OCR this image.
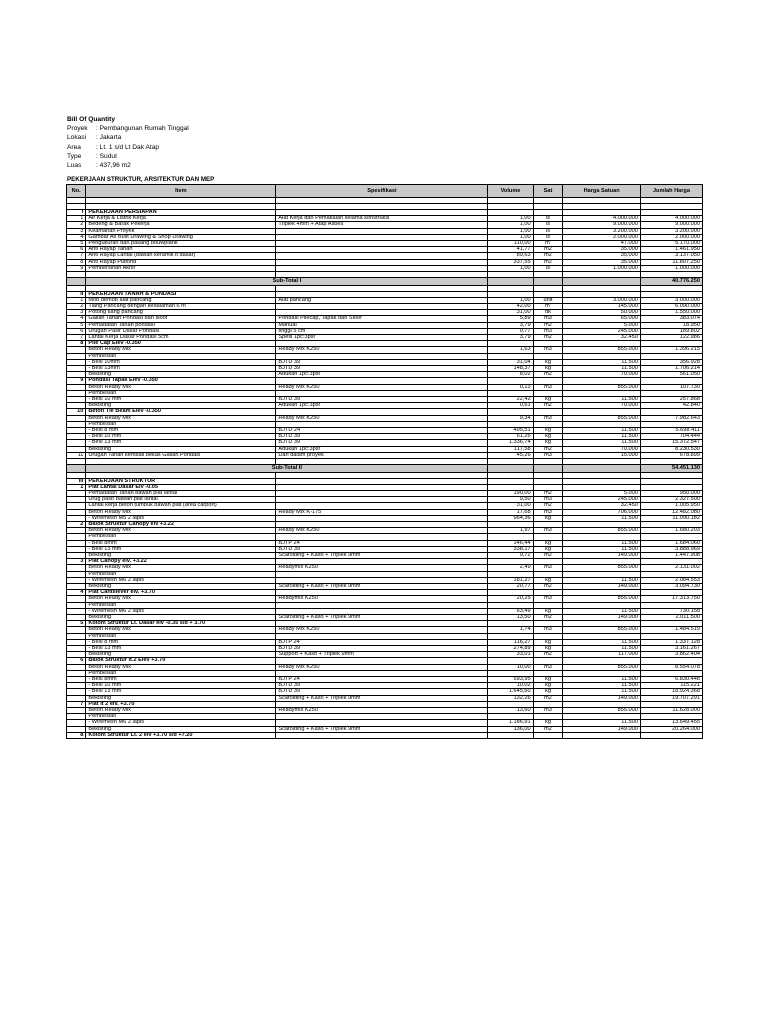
Bill Of Quantity
Proyek : Pembangunan Rumah Tinggal
Lokasi : Jakarta
Area : Lt. 1 s/d Lt Dak Atap
Type : Sudut
Luas : 437,96 m2
PEKERJAAN STRUKTUR, ARSITEKTUR DAN MEP
No.	Item	Spesifikasi	Volume	Sat	Harga Satuan	Jumlah Harga

I	PEKERJAAN PERSIAPAN					
1	Air Kerja & Listrik Kerja	Alat Kerja dan Pemakaian selama konstruksi	1,00	ls	4.000.000	4.000.000
2	Bedeng & Barak Pekerja	Triplek 4mm + Atap Asbes	1,00	ls	9.000.000	9.000.000
3	Keamanan Proyek		1,00	ls	3.200.000	3.200.000
4	Gambar As Built Drawing & Shop Drawing		1,00	ls	2.000.000	2.000.000
5	Pengukuran dan pasang bouwplank		110,00	m'	47.000	5.170.000
6	Anti Rayap Tanah		41,77	m2	35.000	1.461.950
7	Anti Rayap Lantai (bawah keramik lt dasar)		89,63	m2	35.000	3.137.050
8	Anti Rayap Plafond		337,55	m2	35.000	11.807.250
9	Pembersihan Akhir		1,00	ls	1.000.000	1.000.000

	Sub-Total I					40.776.250

II	PEKERJAAN TANAH & PONDASI					
1	Mob demob alat pancang	Alat pancang	1,00	unit	3.000.000	3.000.000
2	Tiang Pancang dengan kedalaman 6 m		42,00	m'	145.000	6.090.000
3	Potong tiang pancang		31,00	ttk	50.000	1.550.000
4	Galian Tanah Pondasi dan sloof	Pondasi Pilecap, Tapak dan Sloof	5,89	m3	65.000	383.074
5	Pemadatan Tanah pondasi	Manual	3,79	m2	5.000	18.950
6	Urugan Pasir Dasar Pondasi	tinggi 5 cm	0,77	m3	245.000	189.802
7	Lantai Kerja Dasar Pondasi 5cm	Spesi 1pc:3psr	3,79	m2	32.450	122.986
8	Pile Cap Elev -0.350					
	Beton Ready Mix	Ready Mix K250	1,63	m3	855.000	1.396.215
	Pembesian					
	- Besi 10mm	BJTD 39	31,04	kg	11.500	356.928
	- Besi 13mm	BJTD 39	148,37	kg	11.500	1.706.214
	Bekisting	Adukan 1pc:3psr	8,02	m2	70.000	561.050
9	Pondasi Tapak Elev -0.350					
	Beton Ready Mix	Ready Mix K250	0,13	m3	855.000	107.730
	Pembesian					
	- Besi 10 mm	BJTD 39	22,42	kg	11.500	257.868
	Bekisting	Adukan 1pc:3psr	0,61	m2	70.000	42.840
10	Beton Tie Beam Elev -0.350					
	Beton Ready Mix	Ready Mix K250	9,34	m3	855.000	7.982.643
	Pembesian					
	- Besi 8 mm	BJTD 24	495,51	kg	11.500	5.698.411
	- Besi 10 mm	BJTD 39	61,26	kg	11.500	704.444
	- Besi 13 mm	BJTD 39	1.336,74	kg	11.500	15.372.547
	Bekisting	Adukan 1pc:3psr	117,58	m2	70.000	8.230.530
11	Urugan Tanah kembali bekas Galian Pondasi	Dari dalam proyek	45,26	m3	15.000	678.899

	Sub-Total II					54.451.130

III	PEKERJAAN STRUKTUR					
1	Plat Lantai Dasar Elv -0.05					
	Pemadatan Tanah bawah plat lantai		190,00	m2	5.000	950.000
	Urug pasir bawah plat lantai		9,50	m3	245.000	2.327.500
	Lantai kerja beton tumbuk bawah plat (area carport)		31,00	m2	32.450	1.005.950
	Beton Ready Mix	Ready Mix K-175	17,68	m3	706.000	12.482.080
	- Wiremesh M5 2 lapis		964,36	kg	11.500	11.090.182
2	Balok Struktur Canopy elv +3.22					
	Beton Ready Mix	Ready Mix K250	1,97	m3	855.000	1.680.203
	Pembesian					
	- Besi 8mm	BJTP 24	146,44	kg	11.500	1.684.060
	- Besi 13 mm	BJTD 39	338,17	kg	11.500	3.888.969
	Bekisting	Scafolding + Kaso + Triplek 9mm	9,72	m2	149.000	1.447.908
3	Plat Canopy elv. +3.22					
	Beton Ready Mix	Readymix K250	2,49	m3	855.000	2.131.002
	Pembesian					
	- Wiremesh M6 2 lapis		181,27	kg	11.500	2.084.553
	Bekisting	Scafolding + Kaso + Triplek 9mm	20,77	m2	149.000	3.094.730
4	Plat Cantiliever elv. +3.70					
	Beton Ready Mix	Readymix K250	20,25	m3	855.000	17.313.750
	Pembesian					
	- Wiremesh M6 2 lapis		63,49	kg	11.500	730.158
	Bekisting	Scafolding + Kaso + Triplek 9mm	13,50	m2	149.000	2.011.500
5	Kolom Struktur Lt. Dasar elv -0.35 s/d + 3.70					
	Beton Ready Mix	Ready Mix K250	1,74	m3	855.000	1.484.519
	Pembesian					
	- Besi 8 mm	BJTP 24	116,27	kg	11.500	1.337.128
	- Besi 13 mm	BJTD 39	274,89	kg	11.500	3.161.267
	Bekisting	Support + Kaso + Triplek 9mm	33,01	m2	117.000	3.862.404
6	Balok Struktur lt.2 Elev +3.70					
	Beton Ready Mix	Ready Mix K250	10,00	m3	855.000	8.554.078
	Pembesian					
	- Besi 8mm	BJTP 24	593,95	kg	11.500	6.830.448
	- Besi 10 mm	BJTD 39	10,02	kg	11.500	115.221
	- Besi 13 mm	BJTD 39	1.645,60	kg	11.500	18.924.368
	Bekisting	Scafolding + Kaso + Triplek 9mm	132,26	m2	149.000	19.707.291
7	Plat lt 2 elv. +3.70					
	Beton Ready Mix	Readymix K250	13,60	m3	855.000	11.628.000
	Pembesian					
	- Wiremesh M6 2 lapis		1.186,91	kg	11.500	13.649.455
	Bekisting	Scafolding + Kaso + Triplek 9mm	136,00	m2	149.000	20.264.000
8	Kolom Struktur Lt. 2 elv +3.70 s/d +7.20					
